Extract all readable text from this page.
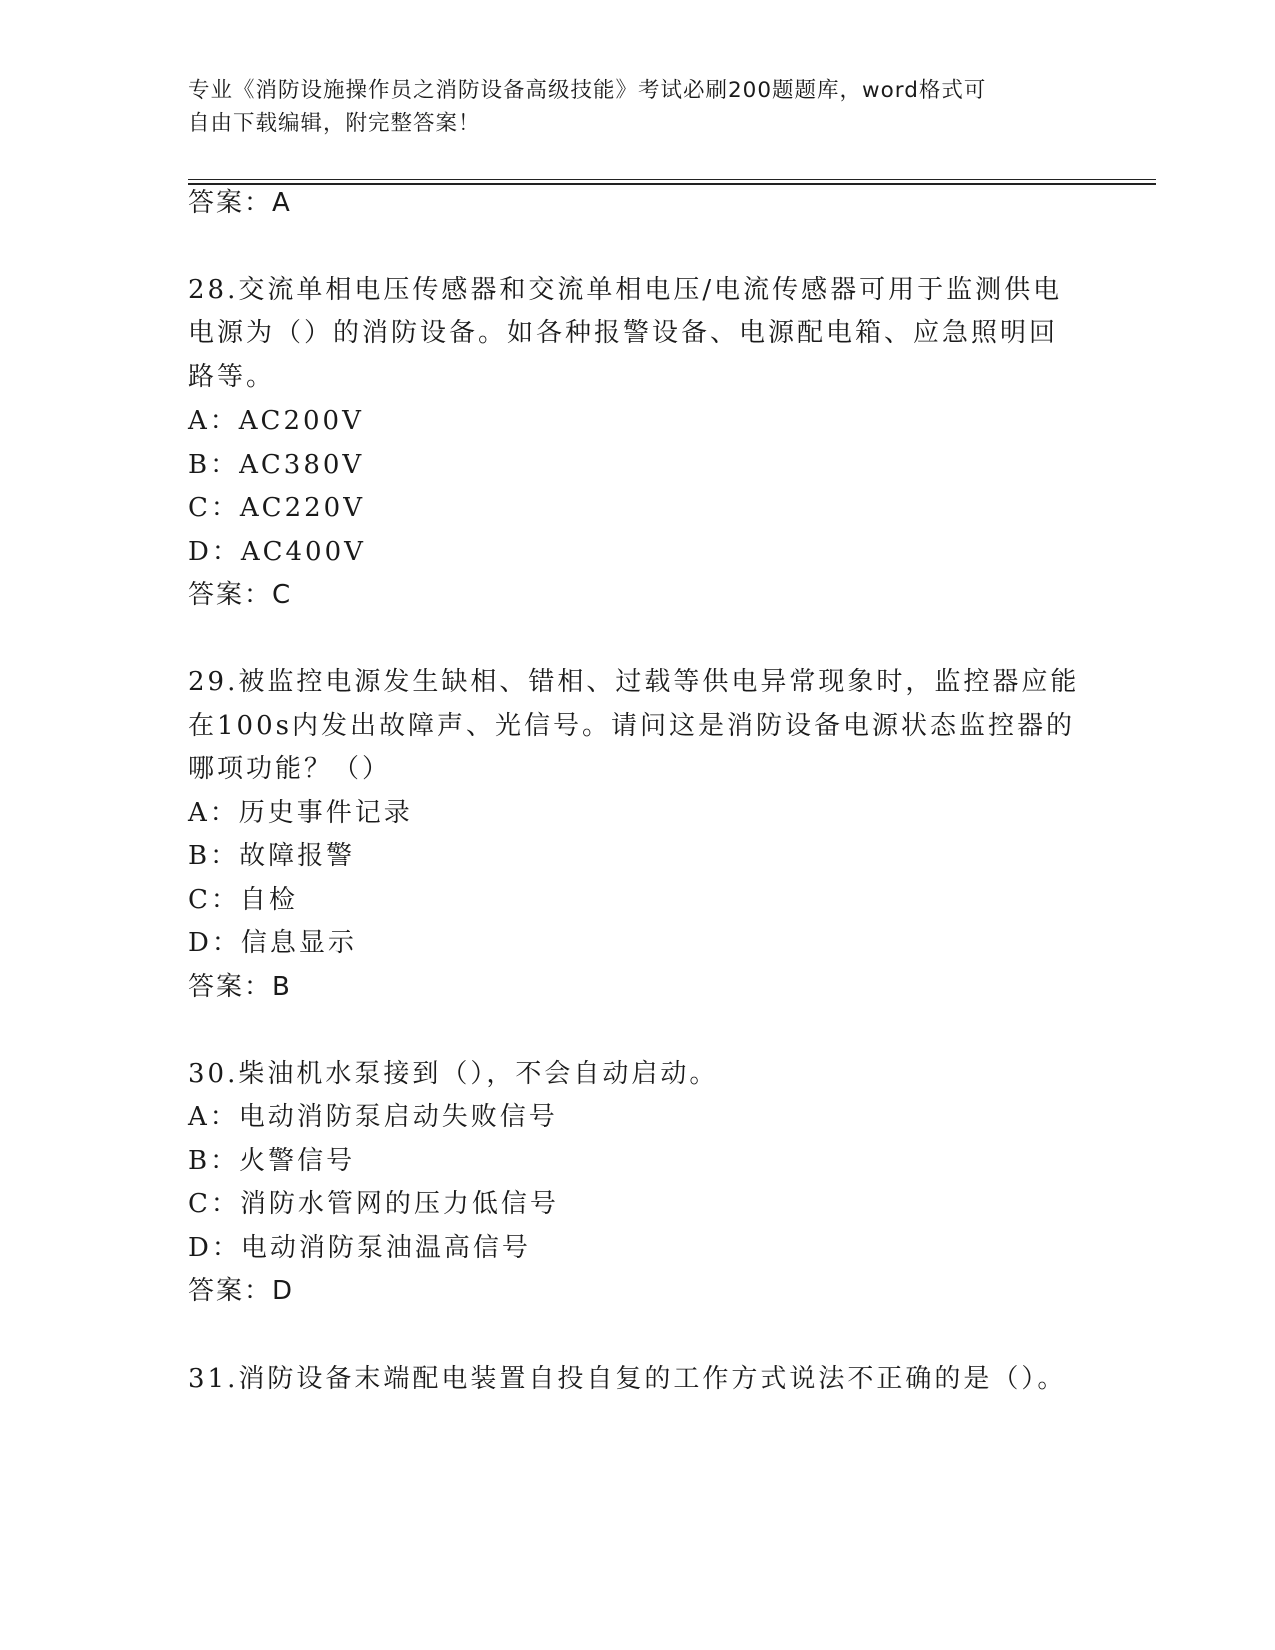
专业《消防设施操作员之消防设备高级技能》考试必刷200题题库，word格式可
自由下载编辑，附完整答案！
答案：A
28.交流单相电压传感器和交流单相电压/电流传感器可用于监测供电
电源为（）的消防设备。如各种报警设备、电源配电箱、应急照明回
路等。
A：AC200V
B：AC380V
C：AC220V
D：AC400V
答案：C
29.被监控电源发生缺相、错相、过载等供电异常现象时，监控器应能
在100s内发出故障声、光信号。请问这是消防设备电源状态监控器的
哪项功能？（）
A：历史事件记录
B：故障报警
C：自检
D：信息显示
答案：B
30.柴油机水泵接到（），不会自动启动。
A：电动消防泵启动失败信号
B：火警信号
C：消防水管网的压力低信号
D：电动消防泵油温高信号
答案：D
31.消防设备末端配电装置自投自复的工作方式说法不正确的是（）。
